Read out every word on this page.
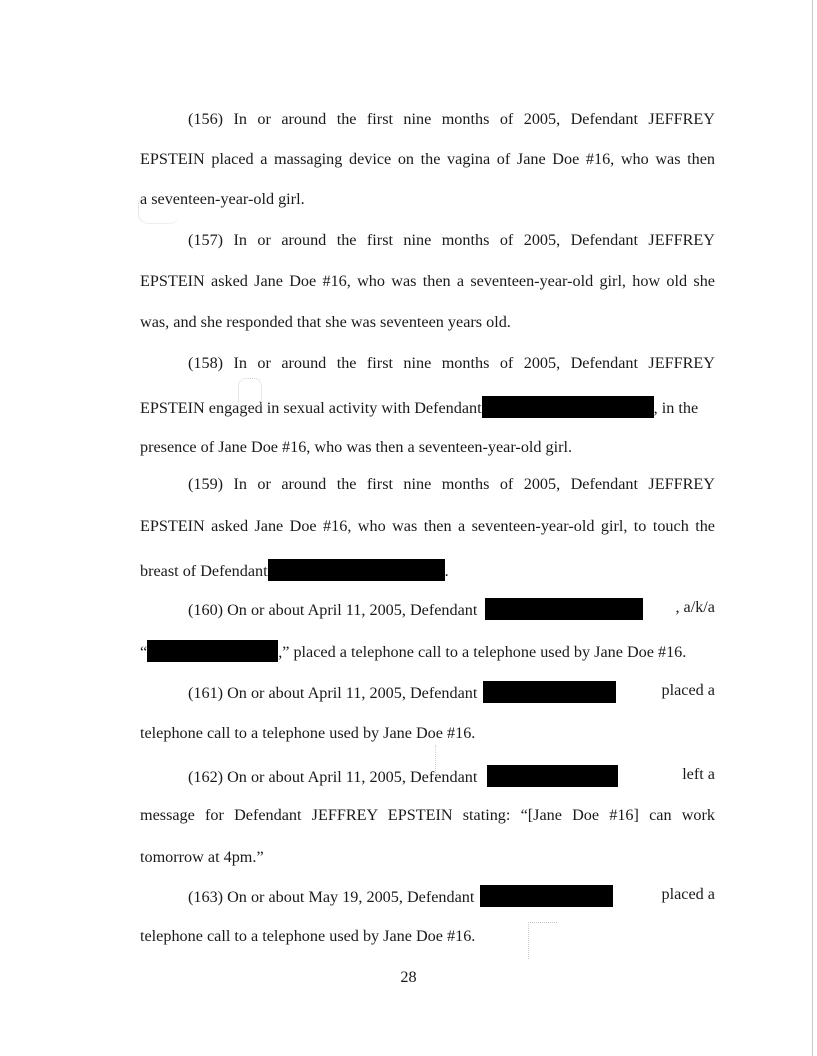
(156) In or around the first nine months of 2005, Defendant JEFFREY
EPSTEIN placed a massaging device on the vagina of Jane Doe #16, who was then
a seventeen-year-old girl.
(157) In or around the first nine months of 2005, Defendant JEFFREY
EPSTEIN asked Jane Doe #16, who was then a seventeen-year-old girl, how old she
was, and she responded that she was seventeen years old.
(158) In or around the first nine months of 2005, Defendant JEFFREY
EPSTEIN engaged in sexual activity with Defendant	, in the
presence of Jane Doe #16, who was then a seventeen-year-old girl.
(159) In or around the first nine months of 2005, Defendant JEFFREY
EPSTEIN asked Jane Doe #16, who was then a seventeen-year-old girl, to touch the
breast of Defendant	.
(160) On or about April 11, 2005, Defendant	, a/k/a
“	,” placed a telephone call to a telephone used by Jane Doe #16.
(161) On or about April 11, 2005, Defendant	placed a
telephone call to a telephone used by Jane Doe #16.
(162) On or about April 11, 2005, Defendant	left a
message for Defendant JEFFREY EPSTEIN stating: “[Jane Doe #16] can work
tomorrow at 4pm.”
(163) On or about May 19, 2005, Defendant	placed a
telephone call to a telephone used by Jane Doe #16.
28
